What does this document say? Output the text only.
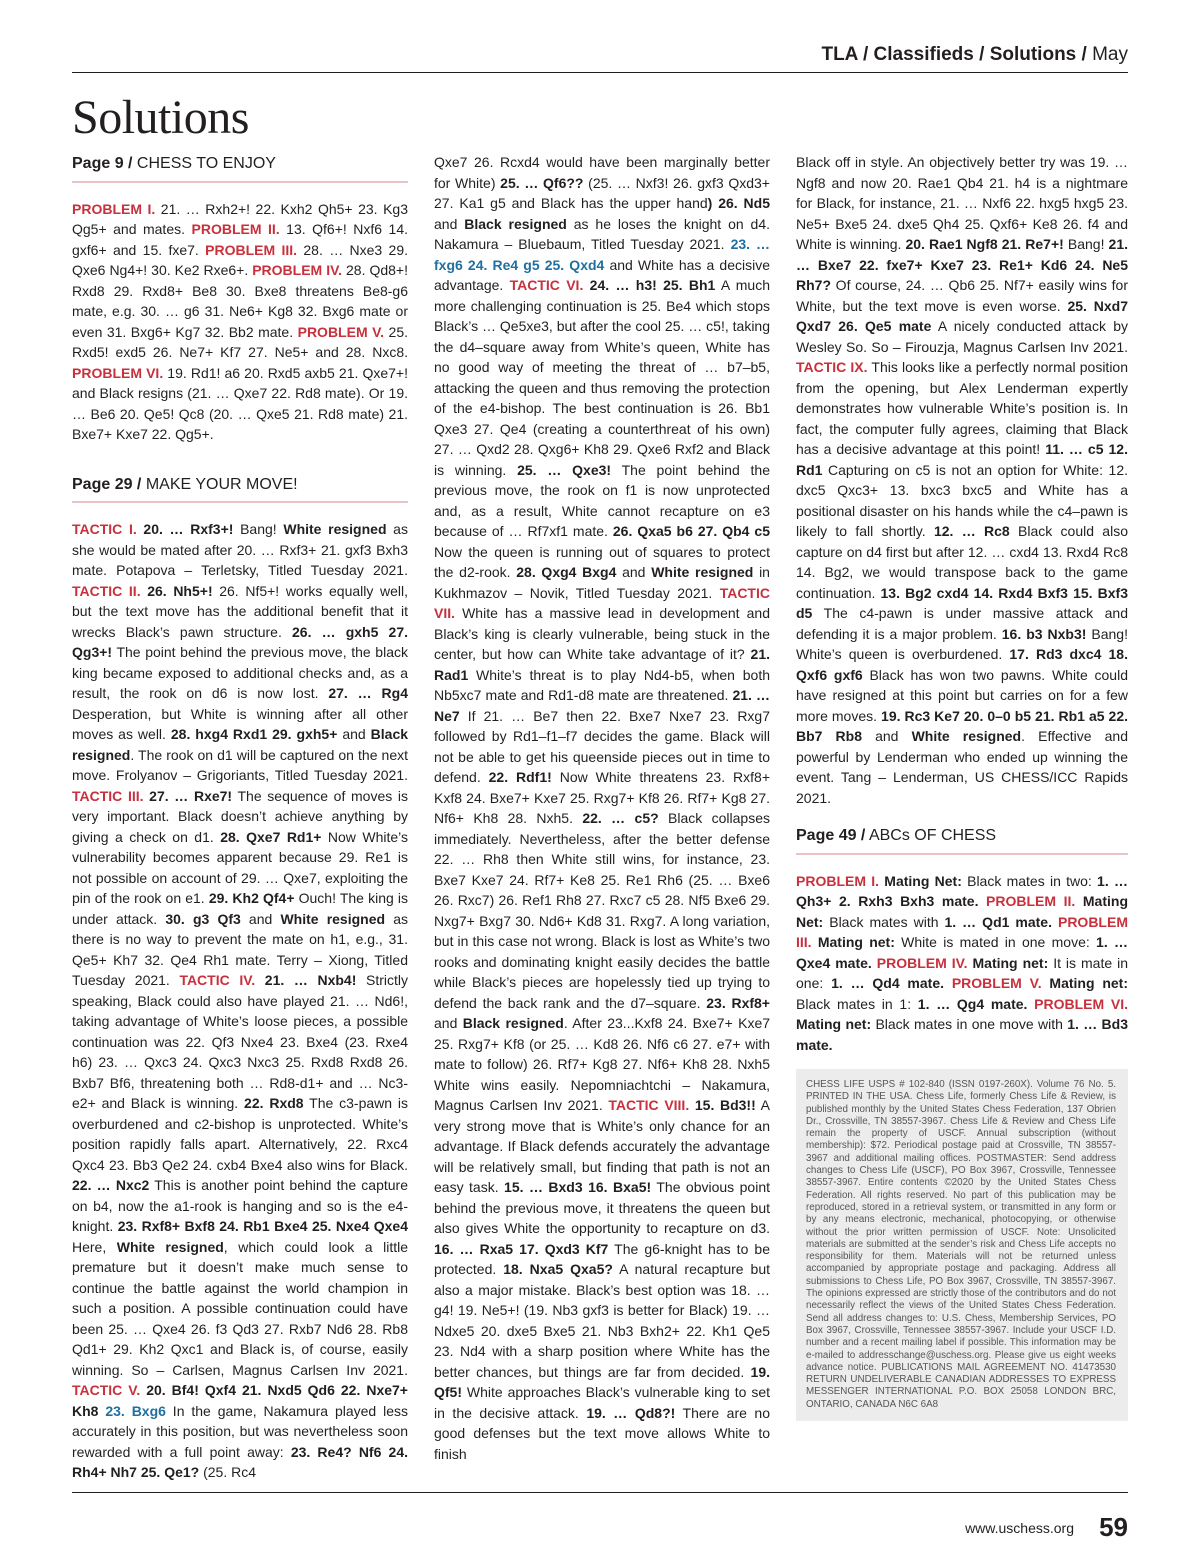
TLA / Classifieds / Solutions / May
Solutions
Page 9 / CHESS TO ENJOY
PROBLEM I. 21. … Rxh2+! 22. Kxh2 Qh5+ 23. Kg3 Qg5+ and mates. PROBLEM II. 13. Qf6+! Nxf6 14. gxf6+ and 15. fxe7. PROBLEM III. 28. … Nxe3 29. Qxe6 Ng4+! 30. Ke2 Rxe6+. PROBLEM IV. 28. Qd8+! Rxd8 29. Rxd8+ Be8 30. Bxe8 threatens Be8-g6 mate, e.g. 30. … g6 31. Ne6+ Kg8 32. Bxg6 mate or even 31. Bxg6+ Kg7 32. Bb2 mate. PROBLEM V. 25. Rxd5! exd5 26. Ne7+ Kf7 27. Ne5+ and 28. Nxc8. PROBLEM VI. 19. Rd1! a6 20. Rxd5 axb5 21. Qxe7+! and Black resigns (21. … Qxe7 22. Rd8 mate). Or 19. … Be6 20. Qe5! Qc8 (20. … Qxe5 21. Rd8 mate) 21. Bxe7+ Kxe7 22. Qg5+.
Page 29 / MAKE YOUR MOVE!
TACTIC I. 20. … Rxf3+! Bang! White resigned as she would be mated after 20. … Rxf3+ 21. gxf3 Bxh3 mate. Potapova – Terletsky, Titled Tuesday 2021. TACTIC II. 26. Nh5+! 26. Nf5+! works equally well, but the text move has the additional benefit that it wrecks Black’s pawn structure. 26. … gxh5 27. Qg3+! The point behind the previous move, the black king became exposed to additional checks and, as a result, the rook on d6 is now lost. 27. … Rg4 Desperation, but White is winning after all other moves as well. 28. hxg4 Rxd1 29. gxh5+ and Black resigned. The rook on d1 will be captured on the next move. Frolyanov – Grigoriants, Titled Tuesday 2021. TACTIC III. 27. … Rxe7! The sequence of moves is very important. Black doesn’t achieve anything by giving a check on d1. 28. Qxe7 Rd1+ Now White’s vulnerability becomes apparent because 29. Re1 is not possible on account of 29. … Qxe7, exploiting the pin of the rook on e1. 29. Kh2 Qf4+ Ouch! The king is under attack. 30. g3 Qf3 and White resigned as there is no way to prevent the mate on h1, e.g., 31. Qe5+ Kh7 32. Qe4 Rh1 mate. Terry – Xiong, Titled Tuesday 2021. TACTIC IV. 21. … Nxb4! Strictly speaking, Black could also have played 21. … Nd6!, taking advantage of White’s loose pieces, a possible continuation was 22. Qf3 Nxe4 23. Bxe4 (23. Rxe4 h6) 23. … Qxc3 24. Qxc3 Nxc3 25. Rxd8 Rxd8 26. Bxb7 Bf6, threatening both … Rd8-d1+ and … Nc3-e2+ and Black is winning. 22. Rxd8 The c3-pawn is overburdened and c2-bishop is unprotected. White’s position rapidly falls apart. Alternatively, 22. Rxc4 Qxc4 23. Bb3 Qe2 24. cxb4 Bxe4 also wins for Black. 22. … Nxc2 This is another point behind the capture on b4, now the a1-rook is hanging and so is the e4-knight. 23. Rxf8+ Bxf8 24. Rb1 Bxe4 25. Nxe4 Qxe4 Here, White resigned, which could look a little premature but it doesn’t make much sense to continue the battle against the world champion in such a position. A possible continuation could have been 25. … Qxe4 26. f3 Qd3 27. Rxb7 Nd6 28. Rb8 Qd1+ 29. Kh2 Qxc1 and Black is, of course, easily winning. So – Carlsen, Magnus Carlsen Inv 2021. TACTIC V. 20. Bf4! Qxf4 21. Nxd5 Qd6 22. Nxe7+ Kh8 23. Bxg6 In the game, Nakamura played less accurately in this position, but was nevertheless soon rewarded with a full point away: 23. Re4? Nf6 24. Rh4+ Nh7 25. Qe1? (25. Rc4
Qxe7 26. Rcxd4 would have been marginally better for White) 25. … Qf6?? (25. … Nxf3! 26. gxf3 Qxd3+ 27. Ka1 g5 and Black has the upper hand) 26. Nd5 and Black resigned as he loses the knight on d4. Nakamura – Bluebaum, Titled Tuesday 2021. 23. … fxg6 24. Re4 g5 25. Qxd4 and White has a decisive advantage. TACTIC VI. 24. … h3! 25. Bh1 A much more challenging continuation is 25. Be4 which stops Black’s … Qe5xe3, but after the cool 25. … c5!, taking the d4–square away from White’s queen, White has no good way of meeting the threat of … b7–b5, attacking the queen and thus removing the protection of the e4-bishop. The best continuation is 26. Bb1 Qxe3 27. Qe4 (creating a counterthreat of his own) 27. … Qxd2 28. Qxg6+ Kh8 29. Qxe6 Rxf2 and Black is winning. 25. … Qxe3! The point behind the previous move, the rook on f1 is now unprotected and, as a result, White cannot recapture on e3 because of … Rf7xf1 mate. 26. Qxa5 b6 27. Qb4 c5 Now the queen is running out of squares to protect the d2-rook. 28. Qxg4 Bxg4 and White resigned in Kukhmazov – Novik, Titled Tuesday 2021. TACTIC VII. White has a massive lead in development and Black’s king is clearly vulnerable, being stuck in the center, but how can White take advantage of it? 21. Rad1 White’s threat is to play Nd4-b5, when both Nb5xc7 mate and Rd1-d8 mate are threatened. 21. … Ne7 If 21. … Be7 then 22. Bxe7 Nxe7 23. Rxg7 followed by Rd1–f1–f7 decides the game. Black will not be able to get his queenside pieces out in time to defend. 22. Rdf1! Now White threatens 23. Rxf8+ Kxf8 24. Bxe7+ Kxe7 25. Rxg7+ Kf8 26. Rf7+ Kg8 27. Nf6+ Kh8 28. Nxh5. 22. … c5? Black collapses immediately. Nevertheless, after the better defense 22. … Rh8 then White still wins, for instance, 23. Bxe7 Kxe7 24. Rf7+ Ke8 25. Re1 Rh6 (25. … Bxe6 26. Rxc7) 26. Ref1 Rh8 27. Rxc7 c5 28. Nf5 Bxe6 29. Nxg7+ Bxg7 30. Nd6+ Kd8 31. Rxg7. A long variation, but in this case not wrong. Black is lost as White’s two rooks and dominating knight easily decides the battle while Black’s pieces are hopelessly tied up trying to defend the back rank and the d7–square. 23. Rxf8+ and Black resigned. After 23...Kxf8 24. Bxe7+ Kxe7 25. Rxg7+ Kf8 (or 25. … Kd8 26. Nf6 c6 27. e7+ with mate to follow) 26. Rf7+ Kg8 27. Nf6+ Kh8 28. Nxh5 White wins easily. Nepomniachtchi – Nakamura, Magnus Carlsen Inv 2021. TACTIC VIII. 15. Bd3!! A very strong move that is White’s only chance for an advantage. If Black defends accurately the advantage will be relatively small, but finding that path is not an easy task. 15. … Bxd3 16. Bxa5! The obvious point behind the previous move, it threatens the queen but also gives White the opportunity to recapture on d3. 16. … Rxa5 17. Qxd3 Kf7 The g6-knight has to be protected. 18. Nxa5 Qxa5? A natural recapture but also a major mistake. Black’s best option was 18. … g4! 19. Ne5+! (19. Nb3 gxf3 is better for Black) 19. … Ndxe5 20. dxe5 Bxe5 21. Nb3 Bxh2+ 22. Kh1 Qe5 23. Nd4 with a sharp position where White has the better chances, but things are far from decided. 19. Qf5! White approaches Black’s vulnerable king to set in the decisive attack. 19. … Qd8?! There are no good defenses but the text move allows White to finish
Black off in style. An objectively better try was 19. … Ngf8 and now 20. Rae1 Qb4 21. h4 is a nightmare for Black, for instance, 21. … Nxf6 22. hxg5 hxg5 23. Ne5+ Bxe5 24. dxe5 Qh4 25. Qxf6+ Ke8 26. f4 and White is winning. 20. Rae1 Ngf8 21. Re7+! Bang! 21. … Bxe7 22. fxe7+ Kxe7 23. Re1+ Kd6 24. Ne5 Rh7? Of course, 24. … Qb6 25. Nf7+ easily wins for White, but the text move is even worse. 25. Nxd7 Qxd7 26. Qe5 mate A nicely conducted attack by Wesley So. So – Firouzja, Magnus Carlsen Inv 2021. TACTIC IX. This looks like a perfectly normal position from the opening, but Alex Lenderman expertly demonstrates how vulnerable White’s position is. In fact, the computer fully agrees, claiming that Black has a decisive advantage at this point! 11. … c5 12. Rd1 Capturing on c5 is not an option for White: 12. dxc5 Qxc3+ 13. bxc3 bxc5 and White has a positional disaster on his hands while the c4–pawn is likely to fall shortly. 12. … Rc8 Black could also capture on d4 first but after 12. … cxd4 13. Rxd4 Rc8 14. Bg2, we would transpose back to the game continuation. 13. Bg2 cxd4 14. Rxd4 Bxf3 15. Bxf3 d5 The c4-pawn is under massive attack and defending it is a major problem. 16. b3 Nxb3! Bang! White’s queen is overburdened. 17. Rd3 dxc4 18. Qxf6 gxf6 Black has won two pawns. White could have resigned at this point but carries on for a few more moves. 19. Rc3 Ke7 20. 0–0 b5 21. Rb1 a5 22. Bb7 Rb8 and White resigned. Effective and powerful by Lenderman who ended up winning the event. Tang – Lenderman, US CHESS/ICC Rapids 2021.
Page 49 / ABCs OF CHESS
PROBLEM I. Mating Net: Black mates in two: 1. … Qh3+ 2. Rxh3 Bxh3 mate. PROBLEM II. Mating Net: Black mates with 1. … Qd1 mate. PROBLEM III. Mating net: White is mated in one move: 1. … Qxe4 mate. PROBLEM IV. Mating net: It is mate in one: 1. … Qd4 mate. PROBLEM V. Mating net: Black mates in 1: 1. … Qg4 mate. PROBLEM VI. Mating net: Black mates in one move with 1. … Bd3 mate.
CHESS LIFE USPS # 102-840 (ISSN 0197-260X). Volume 76 No. 5. PRINTED IN THE USA. Chess Life, formerly Chess Life & Review, is published monthly by the United States Chess Federation, 137 Obrien Dr., Crossville, TN 38557-3967. Chess Life & Review and Chess Life remain the property of USCF. Annual subscription (without membership): $72. Periodical postage paid at Crossville, TN 38557-3967 and additional mailing offices. POSTMASTER: Send address changes to Chess Life (USCF), PO Box 3967, Crossville, Tennessee 38557-3967. Entire contents ©2020 by the United States Chess Federation. All rights reserved. No part of this publication may be reproduced, stored in a retrieval system, or transmitted in any form or by any means electronic, mechanical, photocopying, or otherwise without the prior written permission of USCF. Note: Unsolicited materials are submitted at the sender’s risk and Chess Life accepts no responsibility for them. Materials will not be returned unless accompanied by appropriate postage and packaging. Address all submissions to Chess Life, PO Box 3967, Crossville, TN 38557-3967. The opinions expressed are strictly those of the contributors and do not necessarily reflect the views of the United States Chess Federation. Send all address changes to: U.S. Chess, Membership Services, PO Box 3967, Crossville, Tennessee 38557-3967. Include your USCF I.D. number and a recent mailing label if possible. This information may be e-mailed to addresschange@uschess.org. Please give us eight weeks advance notice. PUBLICATIONS MAIL AGREEMENT NO. 41473530 RETURN UNDELIVERABLE CANADIAN ADDRESSES TO EXPRESS MESSENGER INTERNATIONAL P.O. BOX 25058 LONDON BRC, ONTARIO, CANADA N6C 6A8
www.uschess.org 59
